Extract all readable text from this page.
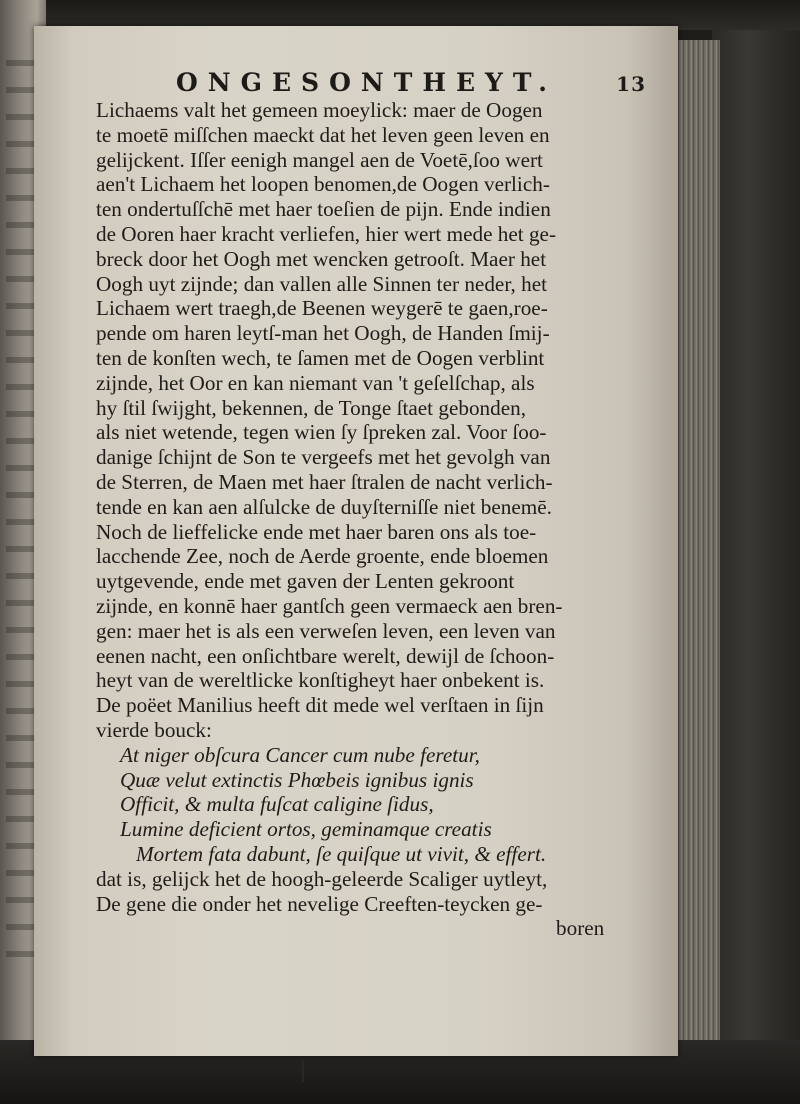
ONGESONTHEYT.	13
Lichaems valt het gemeen moeylick: maer de Oogen
te moetē miſſchen maeckt dat het leven geen leven en
gelijckent. Iſſer eenigh mangel aen de Voetē,ſoo wert
aen't Lichaem het loopen benomen,de Oogen verlich-
ten ondertuſſchē met haer toeſien de pijn. Ende indien
de Ooren haer kracht verliefen, hier wert mede het ge-
breck door het Oogh met wencken getrooſt. Maer het
Oogh uyt zijnde; dan vallen alle Sinnen ter neder, het
Lichaem wert traegh,de Beenen weygerē te gaen,roe-
pende om haren leytſ-man het Oogh, de Handen ſmij-
ten de konſten wech, te ſamen met de Oogen verblint
zijnde, het Oor en kan niemant van 't geſelſchap, als
hy ſtil ſwijght, bekennen, de Tonge ſtaet gebonden,
als niet wetende, tegen wien ſy ſpreken zal. Voor ſoo-
danige ſchijnt de Son te vergeefs met het gevolgh van
de Sterren, de Maen met haer ſtralen de nacht verlich-
tende en kan aen alſulcke de duyſterniſſe niet benemē.
Noch de lieffelicke ende met haer baren ons als toe-
lacchende Zee, noch de Aerde groente, ende bloemen
uytgevende, ende met gaven der Lenten gekroont
zijnde, en konnē haer gantſch geen vermaeck aen bren-
gen: maer het is als een verweſen leven, een leven van
eenen nacht, een onſichtbare werelt, dewijl de ſchoon-
heyt van de wereltlicke konſtigheyt haer onbekent is.
De poëet Manilius heeft dit mede wel verſtaen in ſijn
vierde bouck:
At niger obſcura Cancer cum nube feretur,
Quæ velut extinctis Phœbeis ignibus ignis
Officit, & multa fuſcat caligine ſidus,
Lumine deficient ortos, geminamque creatis
Mortem fata dabunt, ſe quiſque ut vivit, & effert.
dat is, gelijck het de hoogh-geleerde Scaliger uytleyt,
De gene die onder het nevelige Creeften-teycken ge-
boren
